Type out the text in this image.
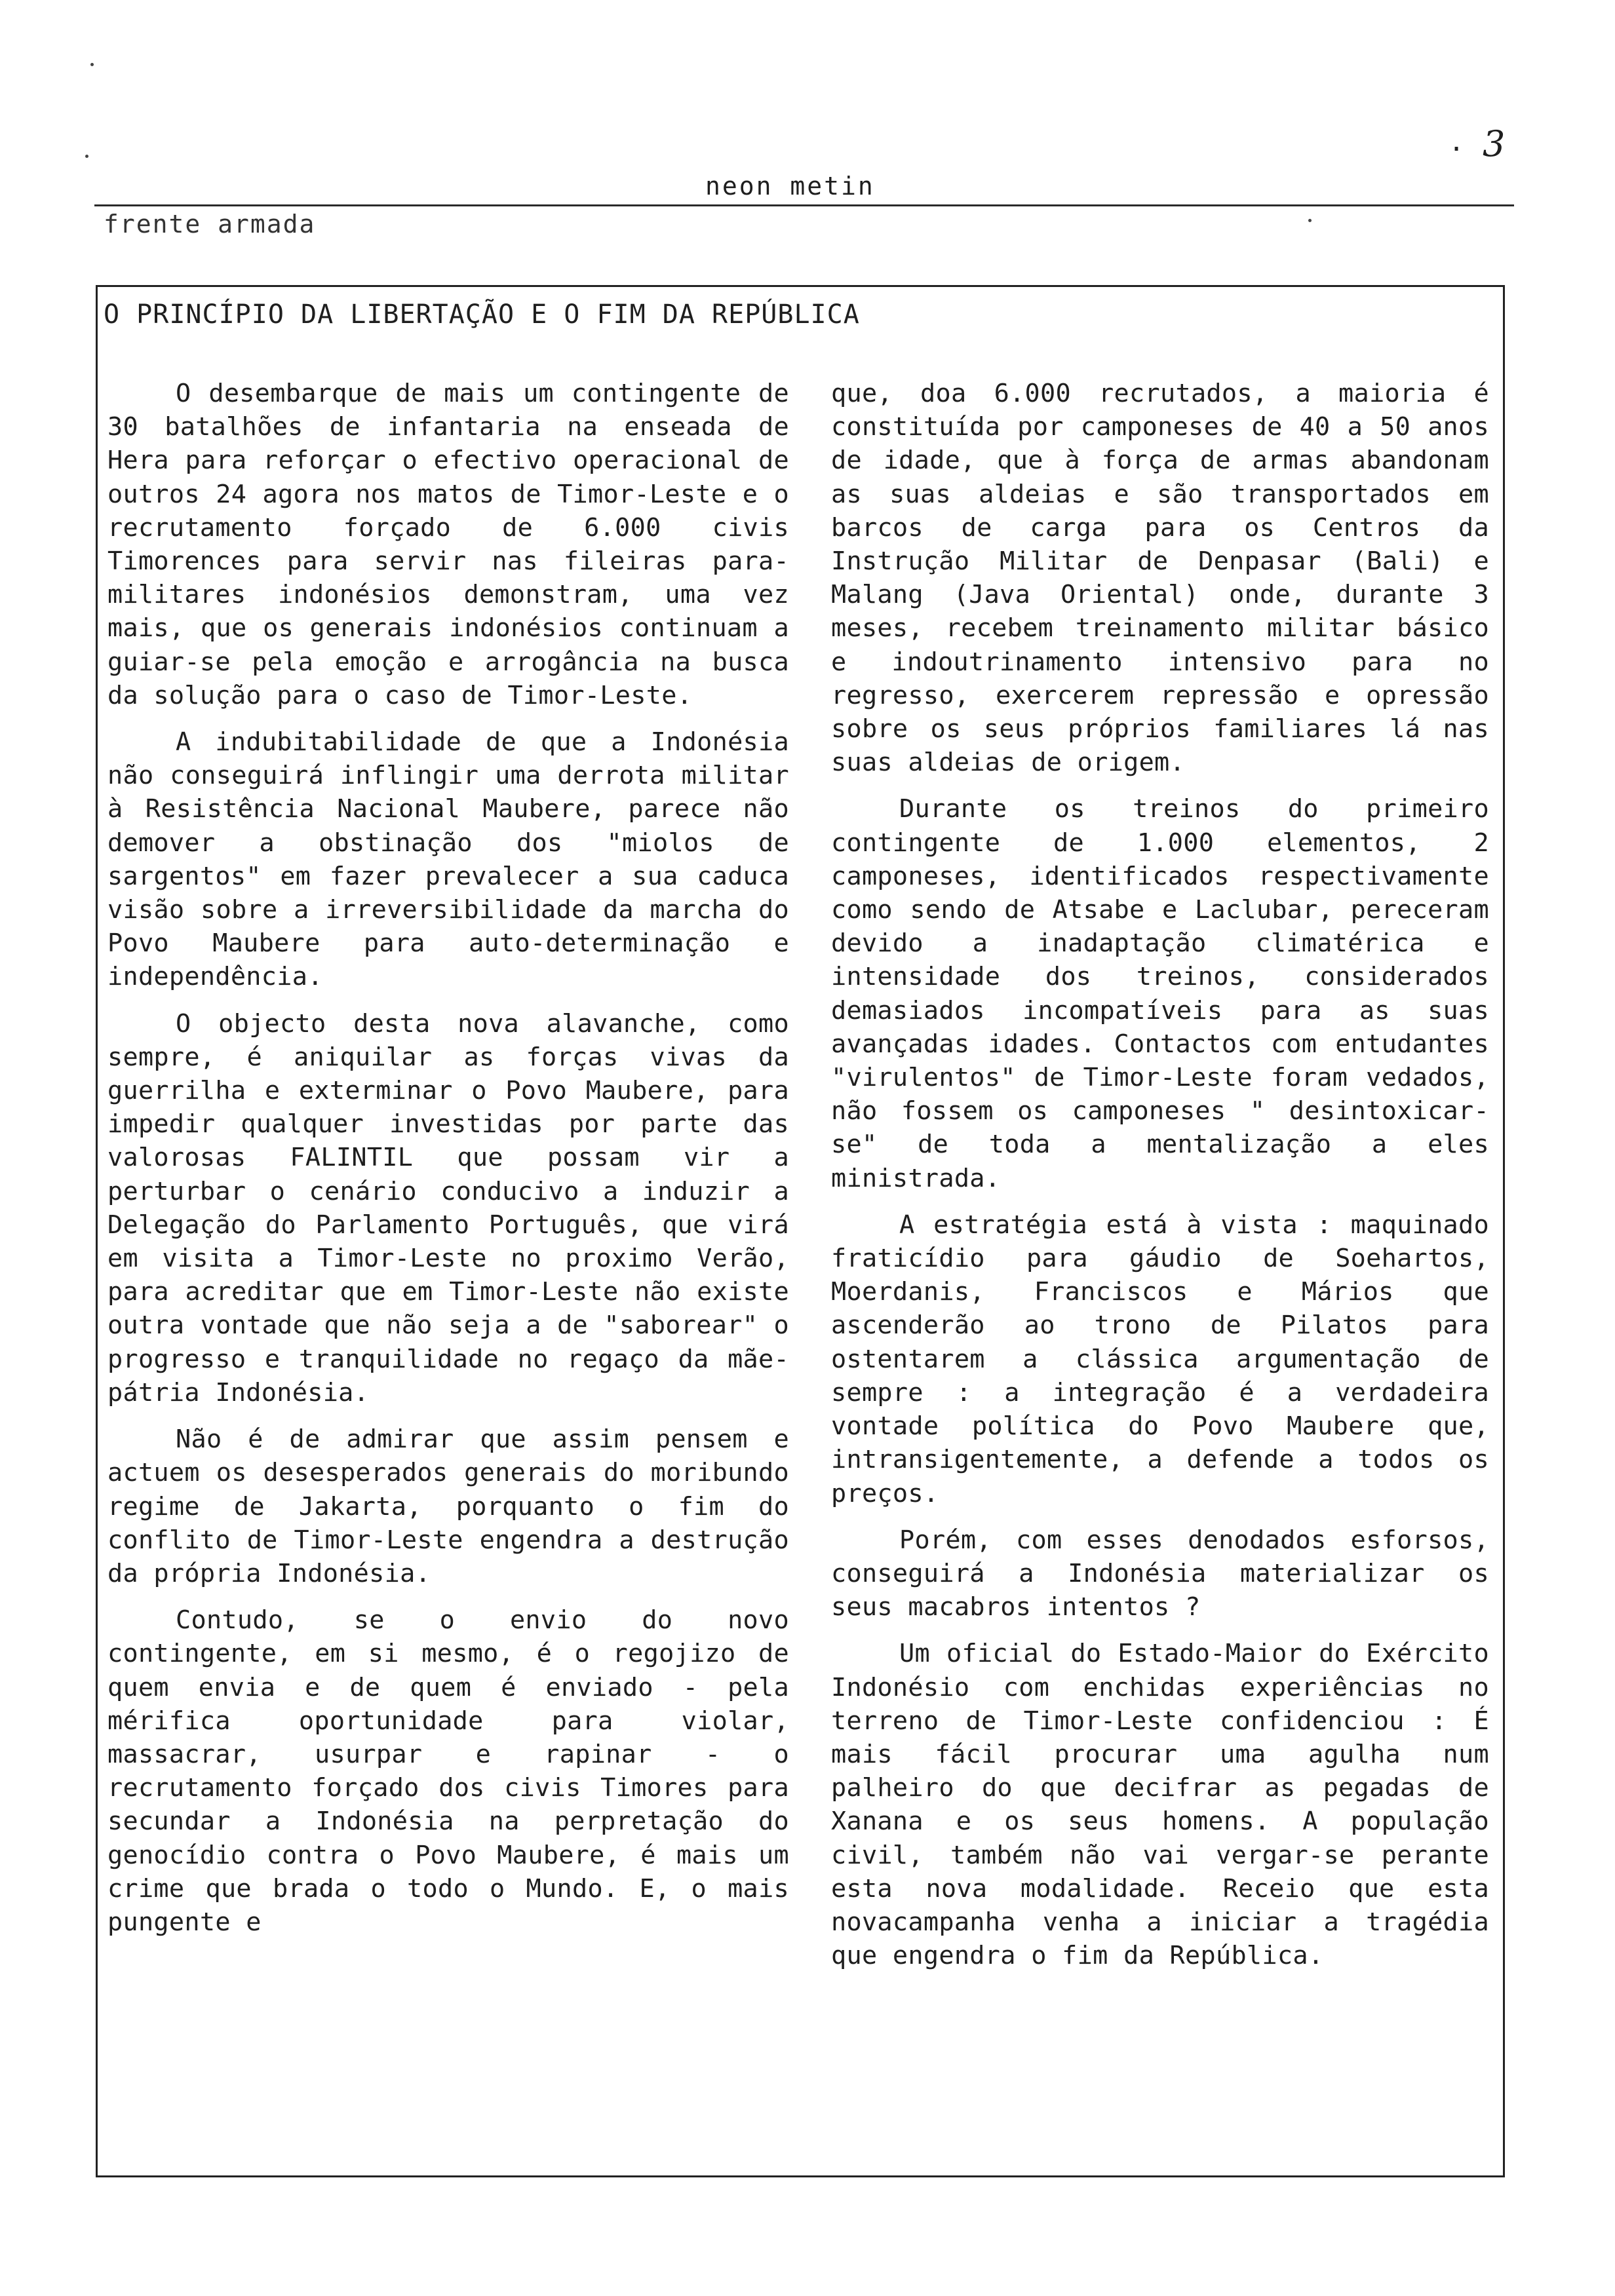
· 3
neon metin
frente armada
O PRINCÍPIO DA LIBERTAÇÃO E O FIM DA REPÚBLICA

O desembarque de mais um contingente de 30 batalhões de infantaria na enseada de Hera para reforçar o efectivo operacional de outros 24 agora nos matos de Timor-Leste e o recrutamento forçado de 6.000 civis Timorences para servir nas fileiras para-militares indonésios demonstram, uma vez mais, que os generais indonésios continuam a guiar-se pela emoção e arrogância na busca da solução para o caso de Timor-Leste.

A indubitabilidade de que a Indonésia não conseguirá inflingir uma derrota militar à Resistência Nacional Maubere, parece não demover a obstinação dos "miolos de sargentos" em fazer prevalecer a sua caduca visão sobre a irreversibilidade da marcha do Povo Maubere para auto-determinação e independência.

O objecto desta nova alavanche, como sempre, é aniquilar as forças vivas da guerrilha e exterminar o Povo Maubere, para impedir qualquer investidas por parte das valorosas FALINTIL que possam vir a perturbar o cenário conducivo a induzir a Delegação do Parlamento Português, que virá em visita a Timor-Leste no proximo Verão, para acreditar que em Timor-Leste não existe outra vontade que não seja a de "saborear" o progresso e tranquilidade no regaço da mãe-pátria Indonésia.

Não é de admirar que assim pensem e actuem os desesperados generais do moribundo regime de Jakarta, porquanto o fim do conflito de Timor-Leste engendra a destrução da própria Indonésia.

Contudo, se o envio do novo contingente, em si mesmo, é o regojizo de quem envia e de quem é enviado - pela mérifica oportunidade para violar, massacrar, usurpar e rapinar - o recrutamento forçado dos civis Timores para secundar a Indonésia na perpretação do genocídio contra o Povo Maubere, é mais um crime que brada o todo o Mundo. E, o mais pungente e

que, doa 6.000 recrutados, a maioria é constituída por camponeses de 40 a 50 anos de idade, que à força de armas abandonam as suas aldeias e são transportados em barcos de carga para os Centros da Instrução Militar de Denpasar (Bali) e Malang (Java Oriental) onde, durante 3 meses, recebem treinamento militar básico e indoutrinamento intensivo para no regresso, exercerem repressão e opressão sobre os seus próprios familiares lá nas suas aldeias de origem.

Durante os treinos do primeiro contingente de 1.000 elementos, 2 camponeses, identificados respectivamente como sendo de Atsabe e Laclubar, pereceram devido a inadaptação climatérica e intensidade dos treinos, considerados demasiados incompatíveis para as suas avançadas idades. Contactos com entudantes "virulentos" de Timor-Leste foram vedados, não fossem os camponeses " desintoxicar-se" de toda a mentalização a eles ministrada.

A estratégia está à vista : maquinado fraticídio para gáudio de Soehartos, Moerdanis, Franciscos e Mários que ascenderão ao trono de Pilatos para ostentarem a clássica argumentação de sempre : a integração é a verdadeira vontade política do Povo Maubere que, intransigentemente, a defende a todos os preços.

Porém, com esses denodados esforsos, conseguirá a Indonésia materializar os seus macabros intentos ?

Um oficial do Estado-Maior do Exército Indonésio com enchidas experiências no terreno de Timor-Leste confidenciou : É mais fácil procurar uma agulha num palheiro do que decifrar as pegadas de Xanana e os seus homens. A população civil, também não vai vergar-se perante esta nova modalidade. Receio que esta novacampanha venha a iniciar a tragédia que engendra o fim da República.
